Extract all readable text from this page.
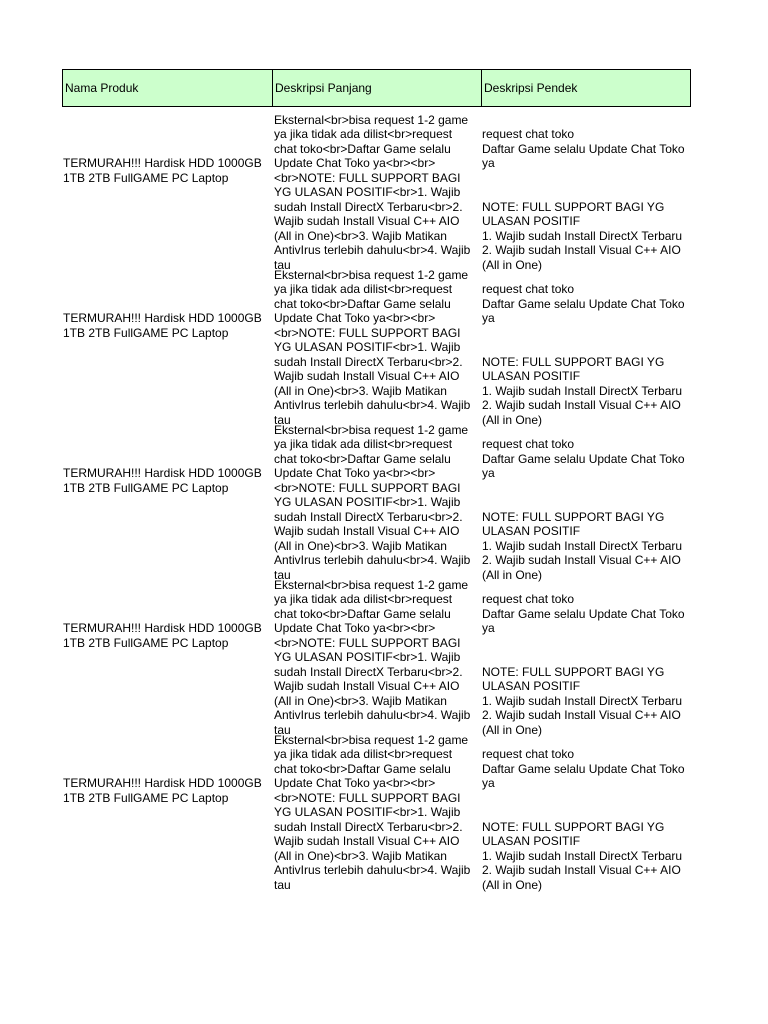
Nama Produk	Deskripsi Panjang	Deskripsi Pendek
TERMURAH!!! Hardisk HDD 1000GB 1TB 2TB FullGAME PC Laptop
Eksternal<br>bisa request 1-2 game ya jika tidak ada dilist<br>request chat toko<br>Daftar Game selalu Update Chat Toko ya<br><br><br>NOTE: FULL SUPPORT BAGI YG ULASAN POSITIF<br>1. Wajib sudah Install DirectX Terbaru<br>2. Wajib sudah Install Visual C++ AIO (All in One)<br>3. Wajib Matikan AntivIrus terlebih dahulu<br>4. Wajib tau
request chat toko
Daftar Game selalu Update Chat Toko ya

NOTE: FULL SUPPORT BAGI YG ULASAN POSITIF
1. Wajib sudah Install DirectX Terbaru
2. Wajib sudah Install Visual C++ AIO (All in One)
TERMURAH!!! Hardisk HDD 1000GB 1TB 2TB FullGAME PC Laptop
Eksternal<br>bisa request 1-2 game ya jika tidak ada dilist<br>request chat toko<br>Daftar Game selalu Update Chat Toko ya<br><br><br>NOTE: FULL SUPPORT BAGI YG ULASAN POSITIF<br>1. Wajib sudah Install DirectX Terbaru<br>2. Wajib sudah Install Visual C++ AIO (All in One)<br>3. Wajib Matikan AntivIrus terlebih dahulu<br>4. Wajib tau
request chat toko
Daftar Game selalu Update Chat Toko ya

NOTE: FULL SUPPORT BAGI YG ULASAN POSITIF
1. Wajib sudah Install DirectX Terbaru
2. Wajib sudah Install Visual C++ AIO (All in One)
TERMURAH!!! Hardisk HDD 1000GB 1TB 2TB FullGAME PC Laptop
Eksternal<br>bisa request 1-2 game ya jika tidak ada dilist<br>request chat toko<br>Daftar Game selalu Update Chat Toko ya<br><br><br>NOTE: FULL SUPPORT BAGI YG ULASAN POSITIF<br>1. Wajib sudah Install DirectX Terbaru<br>2. Wajib sudah Install Visual C++ AIO (All in One)<br>3. Wajib Matikan AntivIrus terlebih dahulu<br>4. Wajib tau
request chat toko
Daftar Game selalu Update Chat Toko ya

NOTE: FULL SUPPORT BAGI YG ULASAN POSITIF
1. Wajib sudah Install DirectX Terbaru
2. Wajib sudah Install Visual C++ AIO (All in One)
TERMURAH!!! Hardisk HDD 1000GB 1TB 2TB FullGAME PC Laptop
Eksternal<br>bisa request 1-2 game ya jika tidak ada dilist<br>request chat toko<br>Daftar Game selalu Update Chat Toko ya<br><br><br>NOTE: FULL SUPPORT BAGI YG ULASAN POSITIF<br>1. Wajib sudah Install DirectX Terbaru<br>2. Wajib sudah Install Visual C++ AIO (All in One)<br>3. Wajib Matikan AntivIrus terlebih dahulu<br>4. Wajib tau
request chat toko
Daftar Game selalu Update Chat Toko ya

NOTE: FULL SUPPORT BAGI YG ULASAN POSITIF
1. Wajib sudah Install DirectX Terbaru
2. Wajib sudah Install Visual C++ AIO (All in One)
TERMURAH!!! Hardisk HDD 1000GB 1TB 2TB FullGAME PC Laptop
Eksternal<br>bisa request 1-2 game ya jika tidak ada dilist<br>request chat toko<br>Daftar Game selalu Update Chat Toko ya<br><br><br>NOTE: FULL SUPPORT BAGI YG ULASAN POSITIF<br>1. Wajib sudah Install DirectX Terbaru<br>2. Wajib sudah Install Visual C++ AIO (All in One)<br>3. Wajib Matikan AntivIrus terlebih dahulu<br>4. Wajib tau
request chat toko
Daftar Game selalu Update Chat Toko ya

NOTE: FULL SUPPORT BAGI YG ULASAN POSITIF
1. Wajib sudah Install DirectX Terbaru
2. Wajib sudah Install Visual C++ AIO (All in One)
